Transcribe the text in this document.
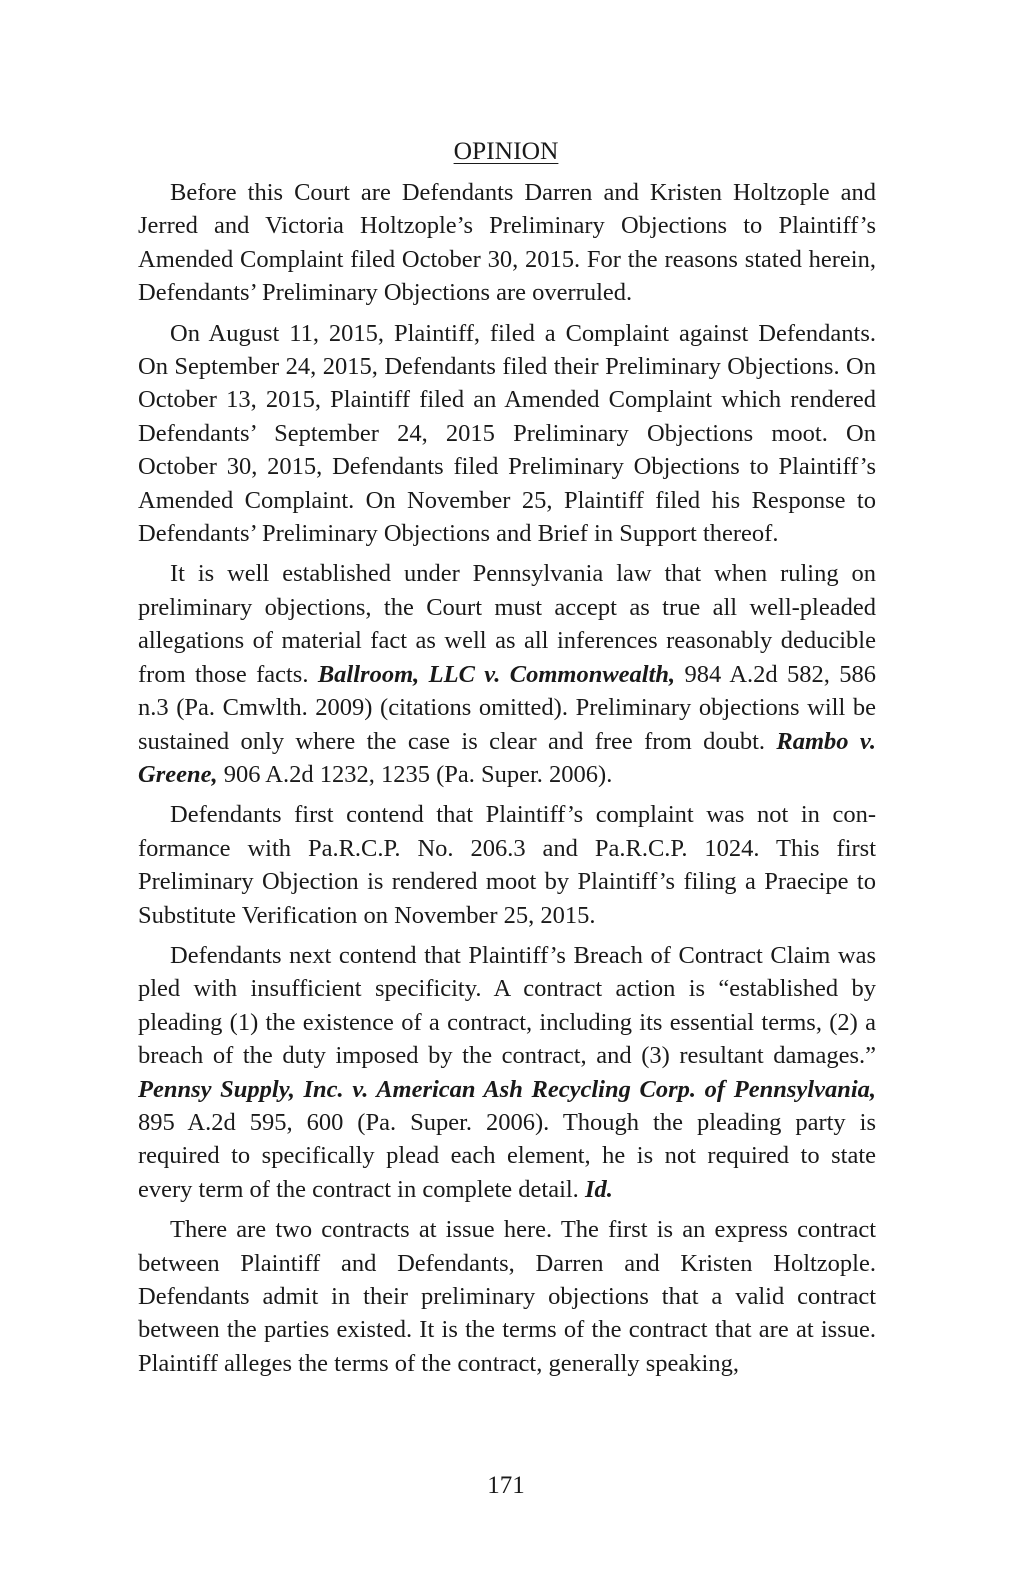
OPINION

Before this Court are Defendants Darren and Kristen Holtzople and Jerred and Victoria Holtzople’s Preliminary Objections to Plaintiff’s Amended Complaint filed October 30, 2015. For the reasons stated herein, Defendants’ Preliminary Objections are overruled.

On August 11, 2015, Plaintiff, filed a Complaint against Defendants. On September 24, 2015, Defendants filed their Preliminary Objections. On October 13, 2015, Plaintiff filed an Amended Complaint which rendered Defendants’ September 24, 2015 Preliminary Objections moot. On October 30, 2015, Defendants filed Preliminary Objections to Plaintiff’s Amended Complaint. On November 25, Plaintiff filed his Response to Defendants’ Preliminary Objections and Brief in Support thereof.

It is well established under Pennsylvania law that when ruling on preliminary objections, the Court must accept as true all well-pleaded allegations of material fact as well as all inferences reasonably deducible from those facts. Ballroom, LLC v. Commonwealth, 984 A.2d 582, 586 n.3 (Pa. Cmwlth. 2009) (citations omitted). Preliminary objections will be sustained only where the case is clear and free from doubt. Rambo v. Greene, 906 A.2d 1232, 1235 (Pa. Super. 2006).

Defendants first contend that Plaintiff’s complaint was not in conformance with Pa.R.C.P. No. 206.3 and Pa.R.C.P. 1024. This first Preliminary Objection is rendered moot by Plaintiff’s filing a Praecipe to Substitute Verification on November 25, 2015.

Defendants next contend that Plaintiff’s Breach of Contract Claim was pled with insufficient specificity. A contract action is “established by pleading (1) the existence of a contract, including its essential terms, (2) a breach of the duty imposed by the contract, and (3) resultant damages.” Pennsy Supply, Inc. v. American Ash Recycling Corp. of Pennsylvania, 895 A.2d 595, 600 (Pa. Super. 2006). Though the pleading party is required to specifically plead each element, he is not required to state every term of the contract in complete detail. Id.

There are two contracts at issue here. The first is an express contract between Plaintiff and Defendants, Darren and Kristen Holtzople. Defendants admit in their preliminary objections that a valid contract between the parties existed. It is the terms of the contract that are at issue. Plaintiff alleges the terms of the contract, generally speaking,

171
